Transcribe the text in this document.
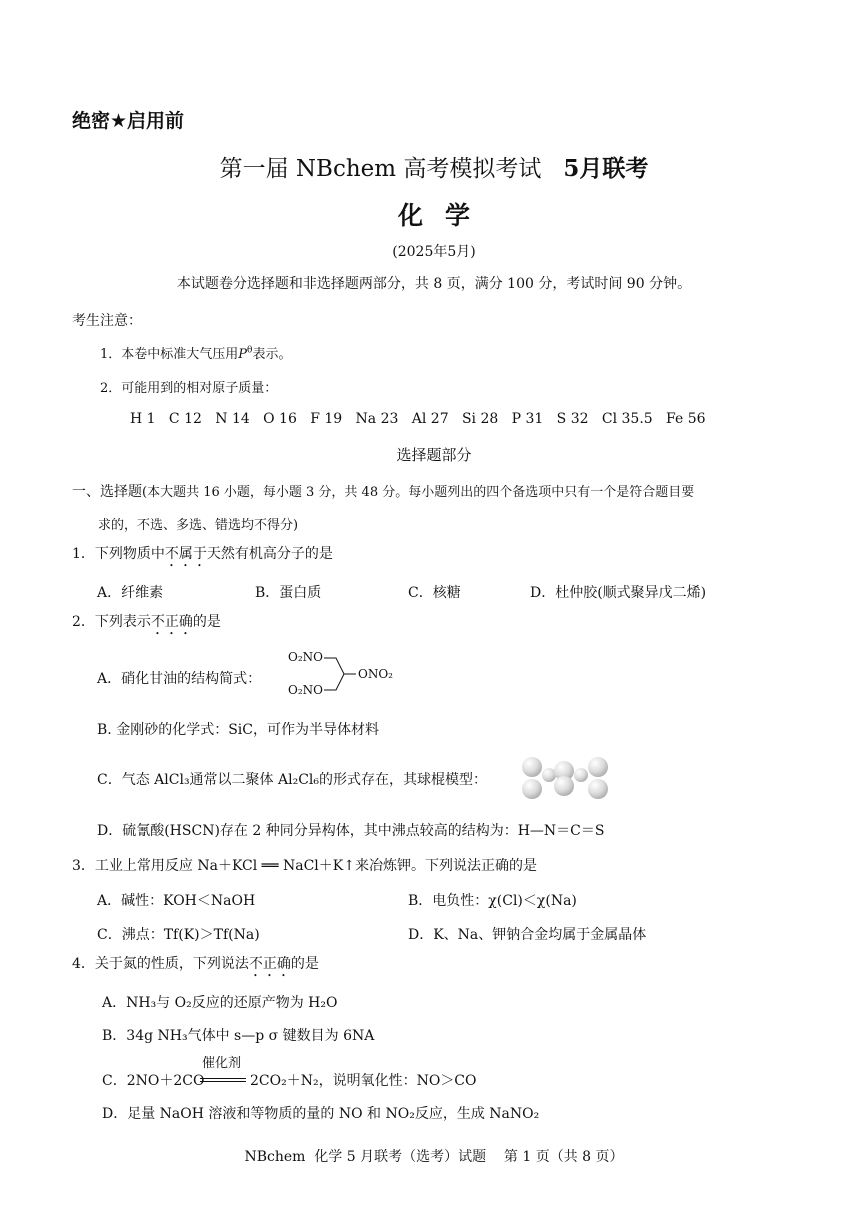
绝密★启用前
第一届 NBchem 高考模拟考试 5月联考
化学
(2025年5月)
本试题卷分选择题和非选择题两部分，共 8 页，满分 100 分，考试时间 90 分钟。
考生注意：
1．本卷中标准大气压用$P^\theta$表示。
2．可能用到的相对原子质量：
H 1   C 12   N 14   O 16   F 19   Na 23   Al 27   Si 28   P 31   S 32   Cl 35.5   Fe 56
选择题部分
一、选择题(本大题共 16 小题，每小题 3 分，共 48 分。每小题列出的四个备选项中只有一个是符合题目要
求的，不选、多选、错选均不得分)
1．下列物质中不属于天然有机高分子的是
A．纤维素	B．蛋白质	C．核糖	D．杜仲胶(顺式聚异戊二烯)
2．下列表示不正确的是
A．硝化甘油的结构简式：
O₂NO
O₂NO
ONO₂
B. 金刚砂的化学式：SiC，可作为半导体材料
C．气态 AlCl₃通常以二聚体 Al₂Cl₆的形式存在，其球棍模型：
D．硫氰酸(HSCN)存在 2 种同分异构体，其中沸点较高的结构为：H—N＝C＝S
3．工业上常用反应 Na＋KCl ══ NaCl＋K↑来冶炼钾。下列说法正确的是
A．碱性：KOH＜NaOH	B．电负性：χ(Cl)＜χ(Na)
C．沸点：Tf(K)＞Tf(Na)	D．K、Na、钾钠合金均属于金属晶体
4．关于氮的性质，下列说法不正确的是
A．NH₃与 O₂反应的还原产物为 H₂O
B．34g NH₃气体中 s—p σ 键数目为 6NA
C．2NO＋2CO
催化剂
2CO₂＋N₂，说明氧化性：NO＞CO
D．足量 NaOH 溶液和等物质的量的 NO 和 NO₂反应，生成 NaNO₂
NBchem  化学 5 月联考（选考）试题    第 1 页（共 8 页）
